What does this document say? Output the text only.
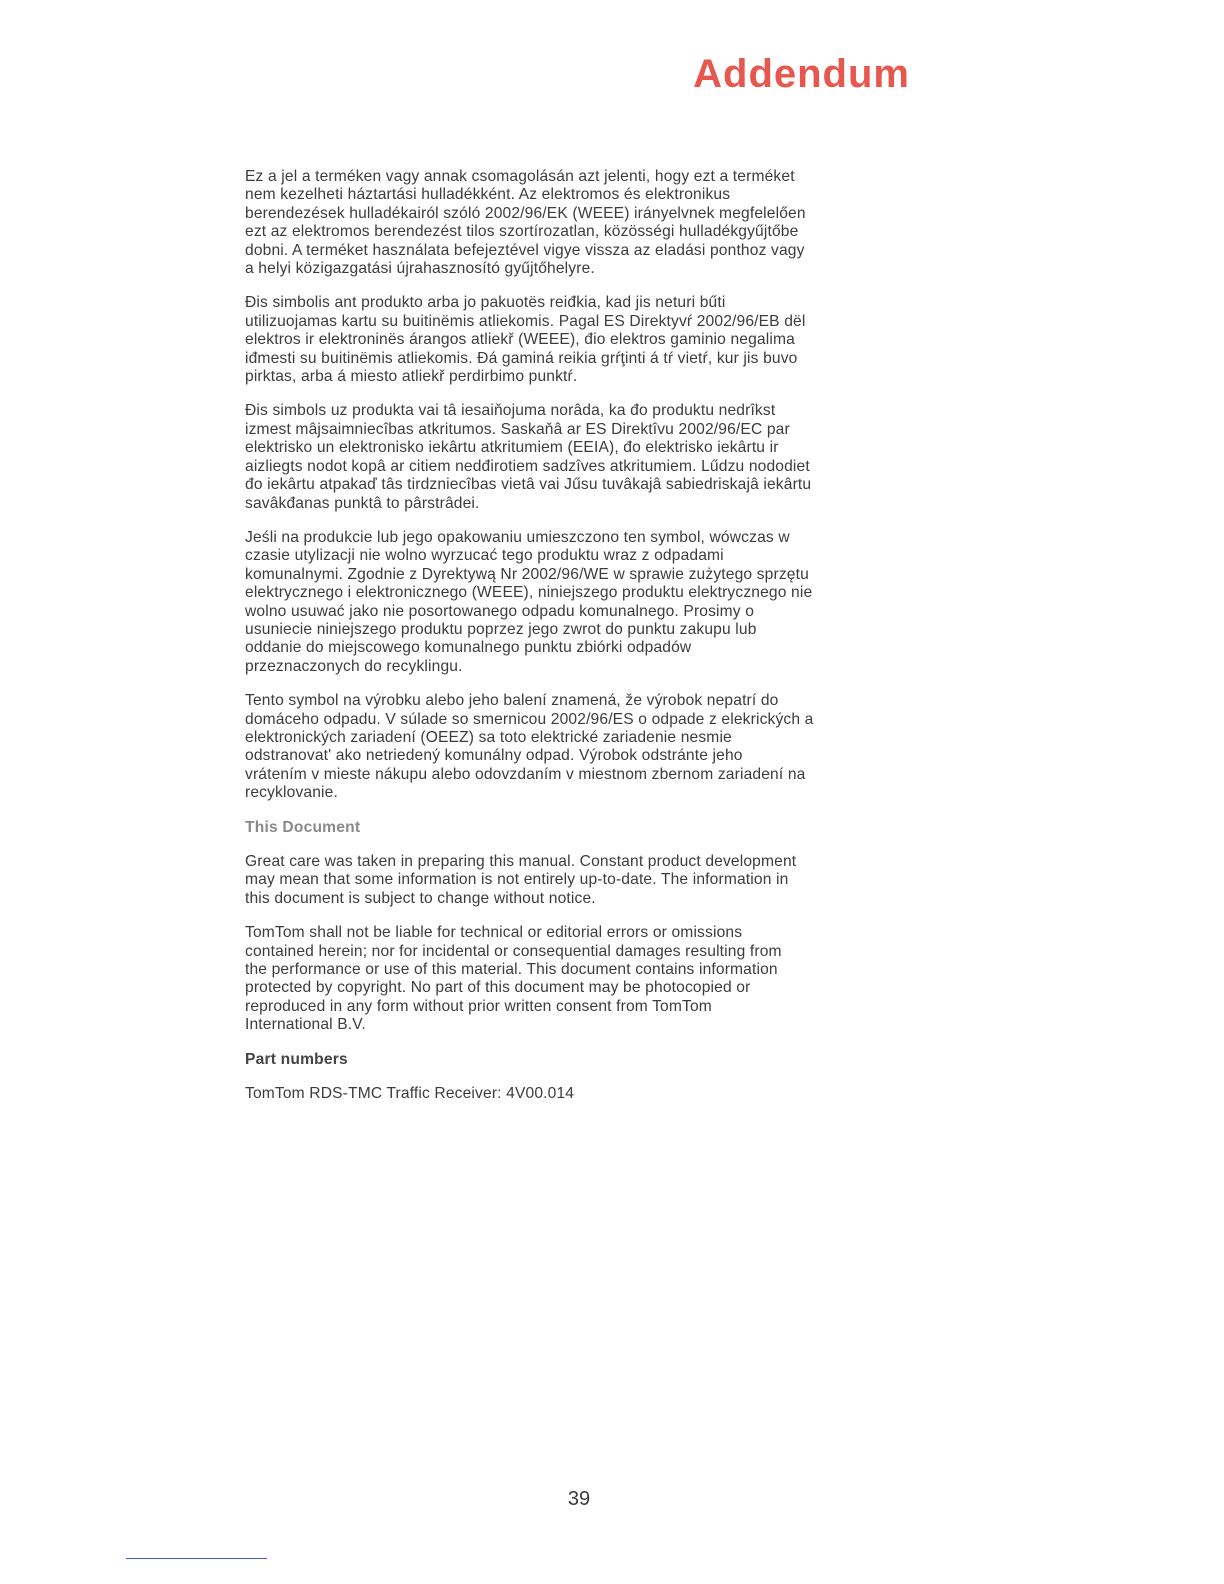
Addendum

Ez a jel a terméken vagy annak csomagolásán azt jelenti, hogy ezt a terméket
nem kezelheti háztartási hulladékként. Az elektromos és elektronikus
berendezések hulladékairól szóló 2002/96/EK (WEEE) irányelvnek megfelelően
ezt az elektromos berendezést tilos szortírozatlan, közösségi hulladékgyűjtőbe
dobni. A terméket használata befejeztével vigye vissza az eladási ponthoz vagy
a helyi közigazgatási újrahasznosító gyűjtőhelyre.

Đis simbolis ant produkto arba jo pakuotës reiđkia, kad jis neturi bűti
utilizuojamas kartu su buitinëmis atliekomis. Pagal ES Direktyvŕ 2002/96/EB dël
elektros ir elektroninës árangos atliekř (WEEE), đio elektros gaminio negalima
iđmesti su buitinëmis atliekomis. Đá gaminá reikia grŕţinti á tŕ vietŕ, kur jis buvo
pirktas, arba á miesto atliekř perdirbimo punktŕ.

Đis simbols uz produkta vai tâ iesaiňojuma norâda, ka đo produktu nedrîkst
izmest mâjsaimniecîbas atkritumos. Saskaňâ ar ES Direktîvu 2002/96/EC par
elektrisko un elektronisko iekârtu atkritumiem (EEIA), đo elektrisko iekârtu ir
aizliegts nodot kopâ ar citiem nedđirotiem sadzîves atkritumiem. Lűdzu nododiet
đo iekârtu atpakaď tâs tirdzniecîbas vietâ vai Jűsu tuvâkajâ sabiedriskajâ iekârtu
savâkđanas punktâ to pârstrâdei.

Jeśli na produkcie lub jego opakowaniu umieszczono ten symbol, wówczas w
czasie utylizacji nie wolno wyrzucać tego produktu wraz z odpadami
komunalnymi. Zgodnie z Dyrektywą Nr 2002/96/WE w sprawie zużytego sprzętu
elektrycznego i elektronicznego (WEEE), niniejszego produktu elektrycznego nie
wolno usuwać jako nie posortowanego odpadu komunalnego. Prosimy o
usuniecie niniejszego produktu poprzez jego zwrot do punktu zakupu lub
oddanie do miejscowego komunalnego punktu zbiórki odpadów
przeznaczonych do recyklingu.

Tento symbol na výrobku alebo jeho balení znamená, že výrobok nepatrí do
domáceho odpadu. V súlade so smernicou 2002/96/ES o odpade z elekrických a
elektronických zariadení (OEEZ) sa toto elektrické zariadenie nesmie
odstranovat' ako netriedený komunálny odpad. Výrobok odstránte jeho
vrátením v mieste nákupu alebo odovzdaním v miestnom zbernom zariadení na
recyklovanie.

This Document

Great care was taken in preparing this manual. Constant product development
may mean that some information is not entirely up-to-date. The information in
this document is subject to change without notice.

TomTom shall not be liable for technical or editorial errors or omissions
contained herein; nor for incidental or consequential damages resulting from
the performance or use of this material. This document contains information
protected by copyright. No part of this document may be photocopied or
reproduced in any form without prior written consent from TomTom
International B.V.

Part numbers

TomTom RDS-TMC Traffic Receiver: 4V00.014

39
